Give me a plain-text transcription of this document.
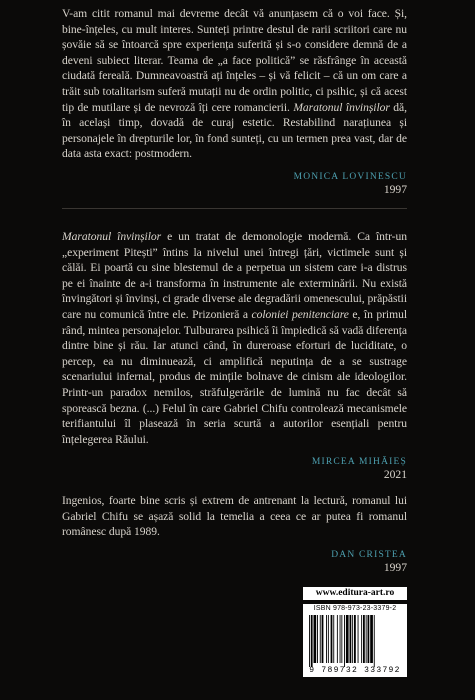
V-am citit romanul mai devreme decât vă anunțasem că o voi face. Și, bine-înțeles, cu mult interes. Sunteți printre destul de rarii scriitori care nu șovăie să se întoarcă spre experiența suferită și s-o considere demnă de a deveni subiect literar. Teama de „a face politică” se răsfrânge în această ciudată fereală. Dumneavoastră ați înțeles – și vă felicit – că un om care a trăit sub totalitarism suferă mutații nu de ordin politic, ci psihic, și că acest tip de mutilare și de nevroză îți cere romancierii. Maratonul învinșilor dă, în același timp, dovadă de curaj estetic. Restabilind narațiunea și personajele în drepturile lor, în fond sunteți, cu un termen prea vast, dar de data asta exact: postmodern.

MONICA LOVINESCU
1997

Maratonul învinșilor e un tratat de demonologie modernă. Ca într-un „experiment Pitești” întins la nivelul unei întregi țări, victimele sunt și călăi. Ei poartă cu sine blestemul de a perpetua un sistem care i-a distrus pe ei înainte de a-i transforma în instrumente ale exterminării. Nu există învingători și învinși, ci grade diverse ale degradării omenescului, prăpăstii care nu comunică între ele. Prizonieră a coloniei penitenciare e, în primul rând, mintea personajelor. Tulburarea psihică îi împiedică să vadă diferența dintre bine și rău. Iar atunci când, în dureroase eforturi de luciditate, o percep, ea nu diminuează, ci amplifică neputința de a se sustrage scenariului infernal, produs de mințile bolnave de cinism ale ideologilor. Printr-un paradox nemilos, străfulgerările de lumină nu fac decât să sporească bezna. (...) Felul în care Gabriel Chifu controlează mecanismele terifiantului îl plasează în seria scurtă a autorilor esențiali pentru înțelegerea Răului.

MIRCEA MIHĂIEȘ
2021

Ingenios, foarte bine scris și extrem de antrenant la lectură, romanul lui Gabriel Chifu se așază solid la temelia a ceea ce ar putea fi romanul românesc după 1989.

DAN CRISTEA
1997
www.editura-art.ro
ISBN 978-973-23-3379-2
9 789732 333792
